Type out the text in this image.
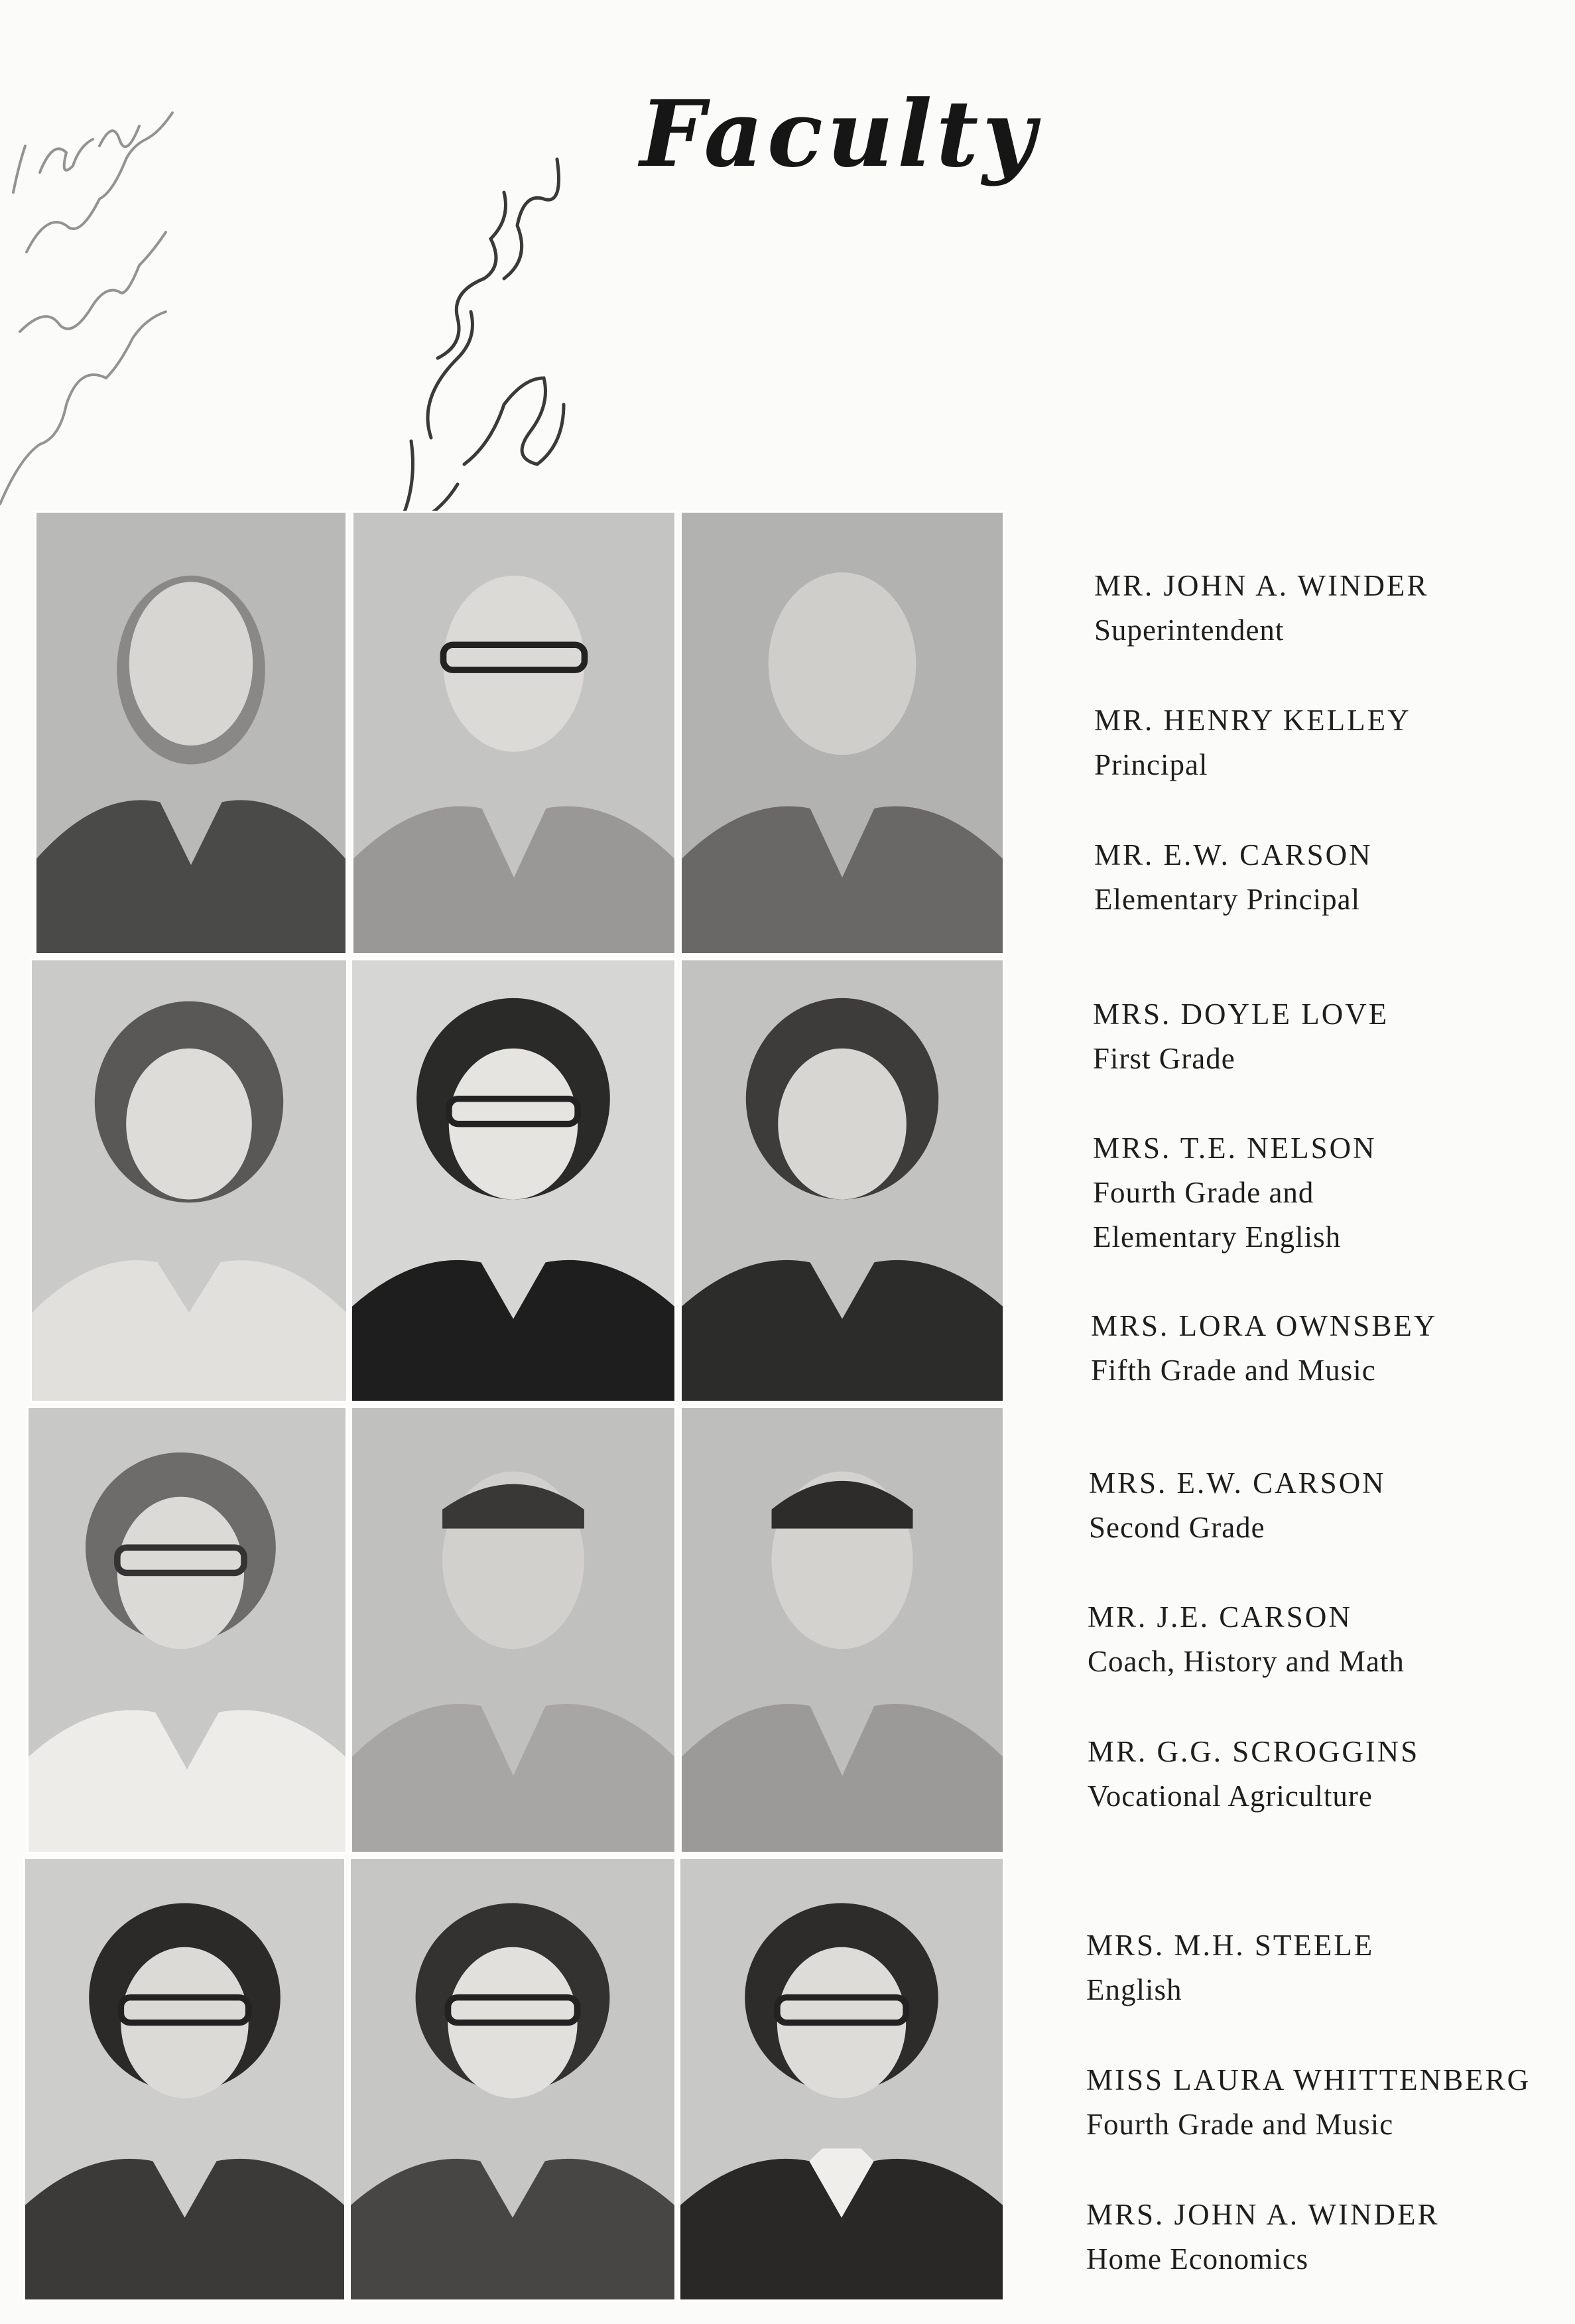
Faculty
MR. JOHN A. WINDER
Superintendent
MR. HENRY KELLEY
Principal
MR. E.W. CARSON
Elementary Principal
MRS. DOYLE LOVE
First Grade
MRS. T.E. NELSON
Fourth Grade and
Elementary English
MRS. LORA OWNSBEY
Fifth Grade and Music
MRS. E.W. CARSON
Second Grade
MR. J.E. CARSON
Coach, History and Math
MR. G.G. SCROGGINS
Vocational Agriculture
MRS. M.H. STEELE
English
MISS LAURA WHITTENBERG
Fourth Grade and Music
MRS. JOHN A. WINDER
Home Economics
